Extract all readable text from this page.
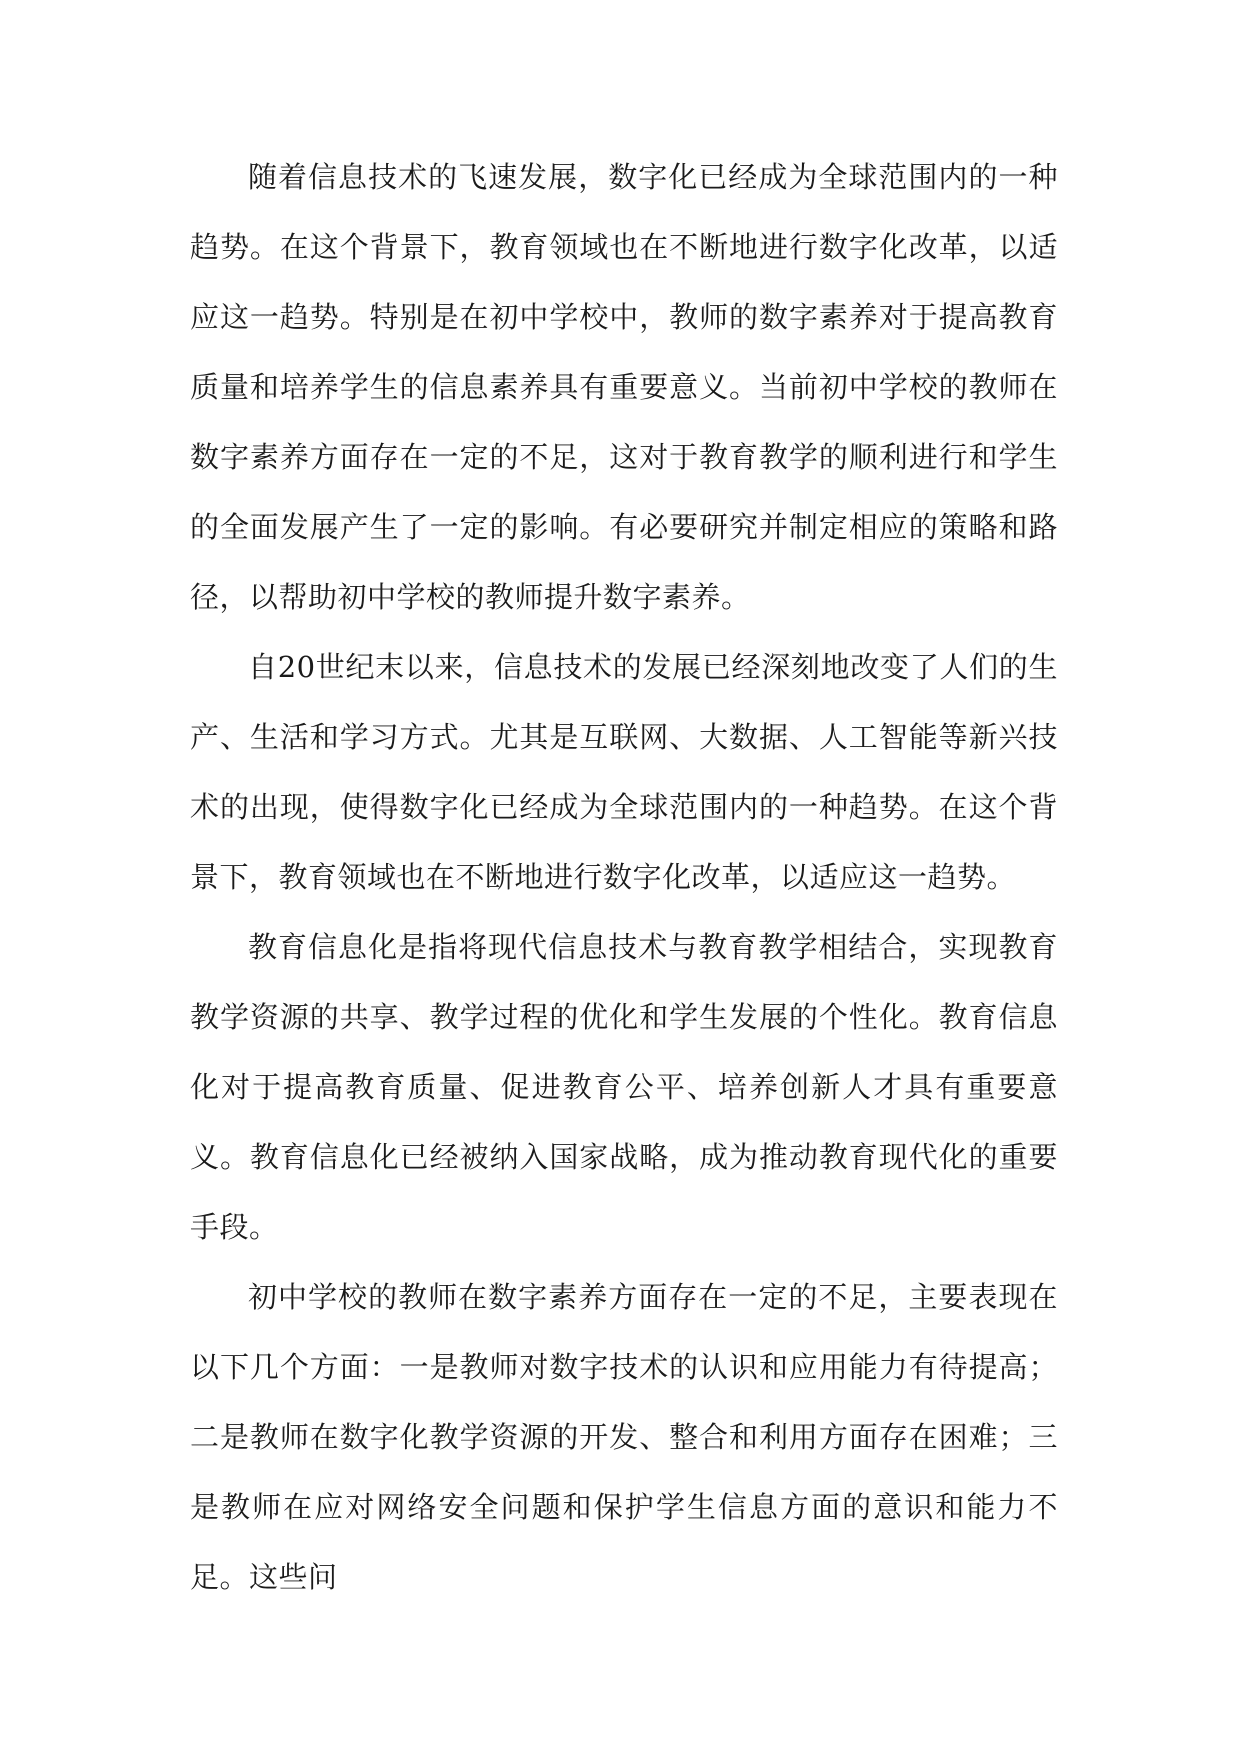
随着信息技术的飞速发展，数字化已经成为全球范围内的一种趋势。在这个背景下，教育领域也在不断地进行数字化改革，以适应这一趋势。特别是在初中学校中，教师的数字素养对于提高教育质量和培养学生的信息素养具有重要意义。当前初中学校的教师在数字素养方面存在一定的不足，这对于教育教学的顺利进行和学生的全面发展产生了一定的影响。有必要研究并制定相应的策略和路径，以帮助初中学校的教师提升数字素养。

自20世纪末以来，信息技术的发展已经深刻地改变了人们的生产、生活和学习方式。尤其是互联网、大数据、人工智能等新兴技术的出现，使得数字化已经成为全球范围内的一种趋势。在这个背景下，教育领域也在不断地进行数字化改革，以适应这一趋势。

教育信息化是指将现代信息技术与教育教学相结合，实现教育教学资源的共享、教学过程的优化和学生发展的个性化。教育信息化对于提高教育质量、促进教育公平、培养创新人才具有重要意义。教育信息化已经被纳入国家战略，成为推动教育现代化的重要手段。

初中学校的教师在数字素养方面存在一定的不足，主要表现在以下几个方面：一是教师对数字技术的认识和应用能力有待提高；二是教师在数字化教学资源的开发、整合和利用方面存在困难；三是教师在应对网络安全问题和保护学生信息方面的意识和能力不足。这些问
